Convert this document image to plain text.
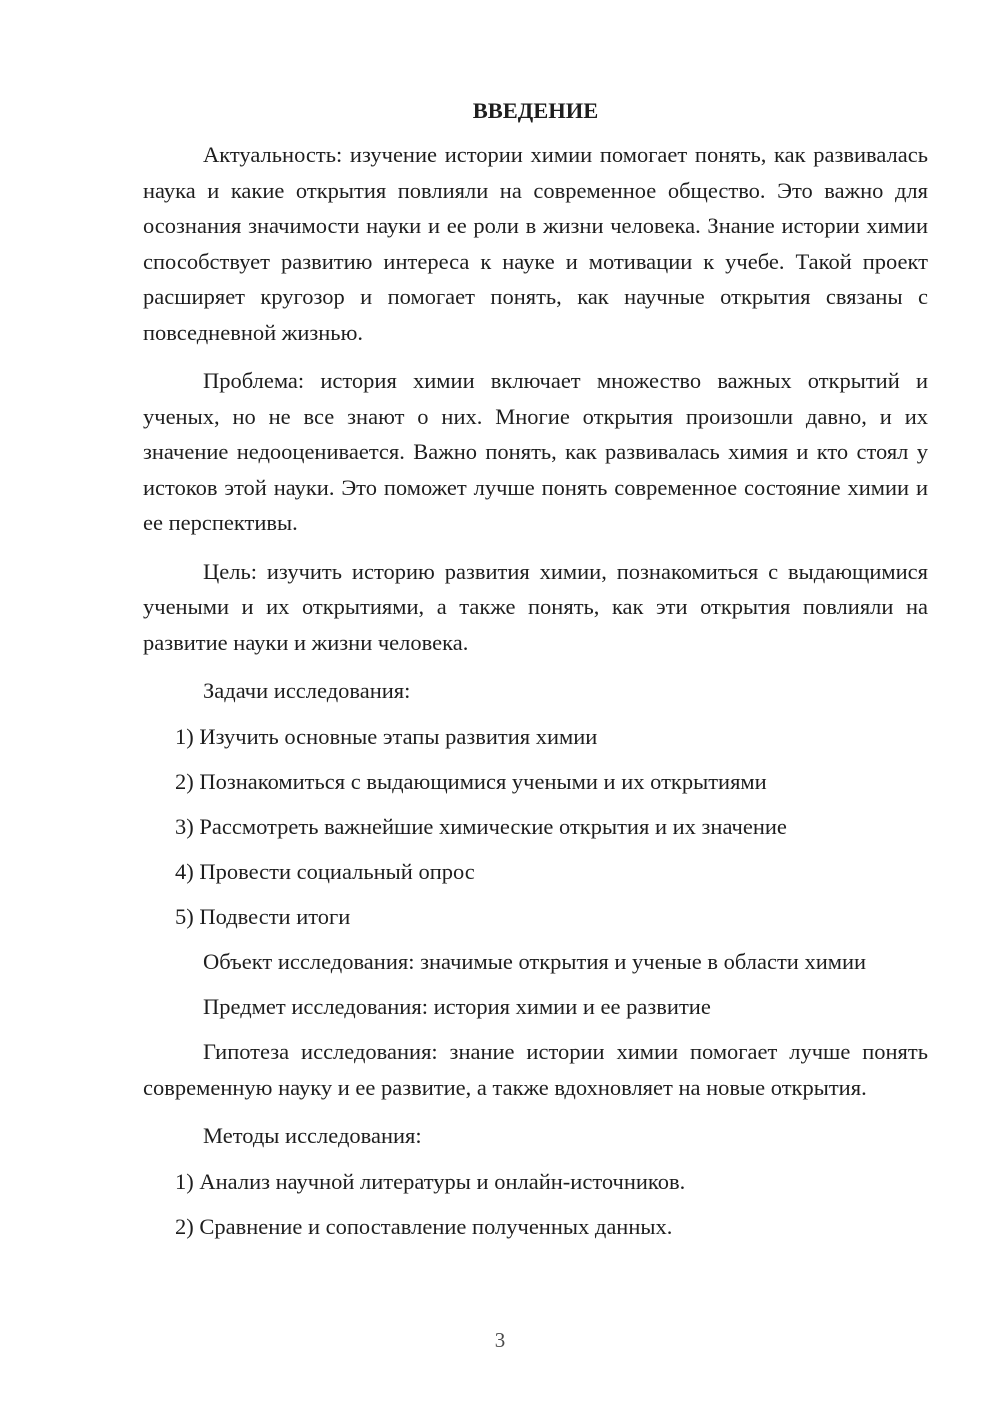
ВВЕДЕНИЕ

Актуальность: изучение истории химии помогает понять, как развивалась наука и какие открытия повлияли на современное общество. Это важно для осознания значимости науки и ее роли в жизни человека. Знание истории химии способствует развитию интереса к науке и мотивации к учебе. Такой проект расширяет кругозор и помогает понять, как научные открытия связаны с повседневной жизнью.

Проблема: история химии включает множество важных открытий и ученых, но не все знают о них. Многие открытия произошли давно, и их значение недооценивается. Важно понять, как развивалась химия и кто стоял у истоков этой науки. Это поможет лучше понять современное состояние химии и ее перспективы.

Цель: изучить историю развития химии, познакомиться с выдающимися учеными и их открытиями, а также понять, как эти открытия повлияли на развитие науки и жизни человека.

Задачи исследования:

1) Изучить основные этапы развития химии
2) Познакомиться с выдающимися учеными и их открытиями
3) Рассмотреть важнейшие химические открытия и их значение
4) Провести социальный опрос
5) Подвести итоги

Объект исследования: значимые открытия и ученые в области химии

Предмет исследования: история химии и ее развитие

Гипотеза исследования: знание истории химии помогает лучше понять современную науку и ее развитие, а также вдохновляет на новые открытия.

Методы исследования:

1) Анализ научной литературы и онлайн-источников.
2) Сравнение и сопоставление полученных данных.
3
